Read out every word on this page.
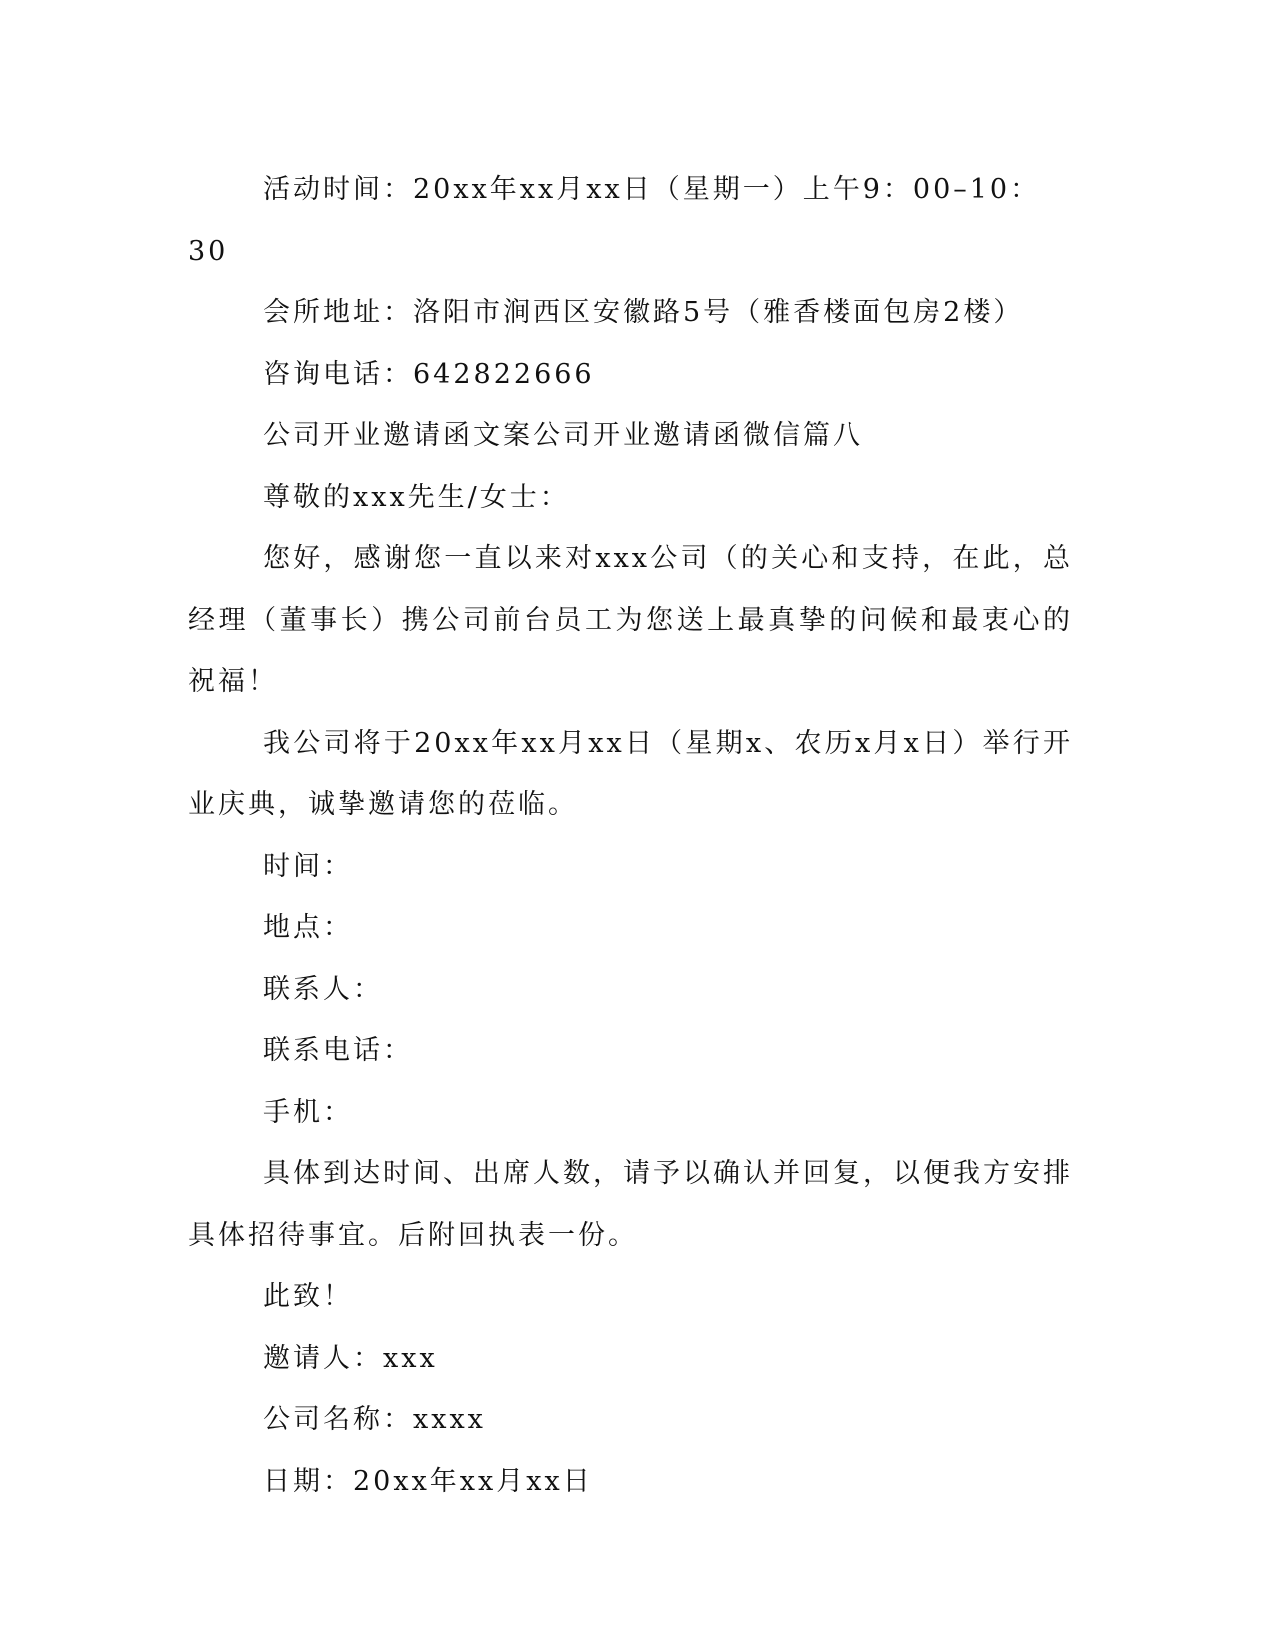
活动时间：20xx年xx月xx日（星期一）上午9：00–10：30

会所地址：洛阳市涧西区安徽路5号（雅香楼面包房2楼）

咨询电话：642822666

公司开业邀请函文案公司开业邀请函微信篇八

尊敬的xxx先生/女士：

您好，感谢您一直以来对xxx公司（的关心和支持，在此，总经理（董事长）携公司前台员工为您送上最真挚的问候和最衷心的祝福！

我公司将于20xx年xx月xx日（星期x、农历x月x日）举行开业庆典，诚挚邀请您的莅临。

时间：

地点：

联系人：

联系电话：

手机：

具体到达时间、出席人数，请予以确认并回复，以便我方安排具体招待事宜。后附回执表一份。

此致！

邀请人：xxx

公司名称：xxxx

日期：20xx年xx月xx日
